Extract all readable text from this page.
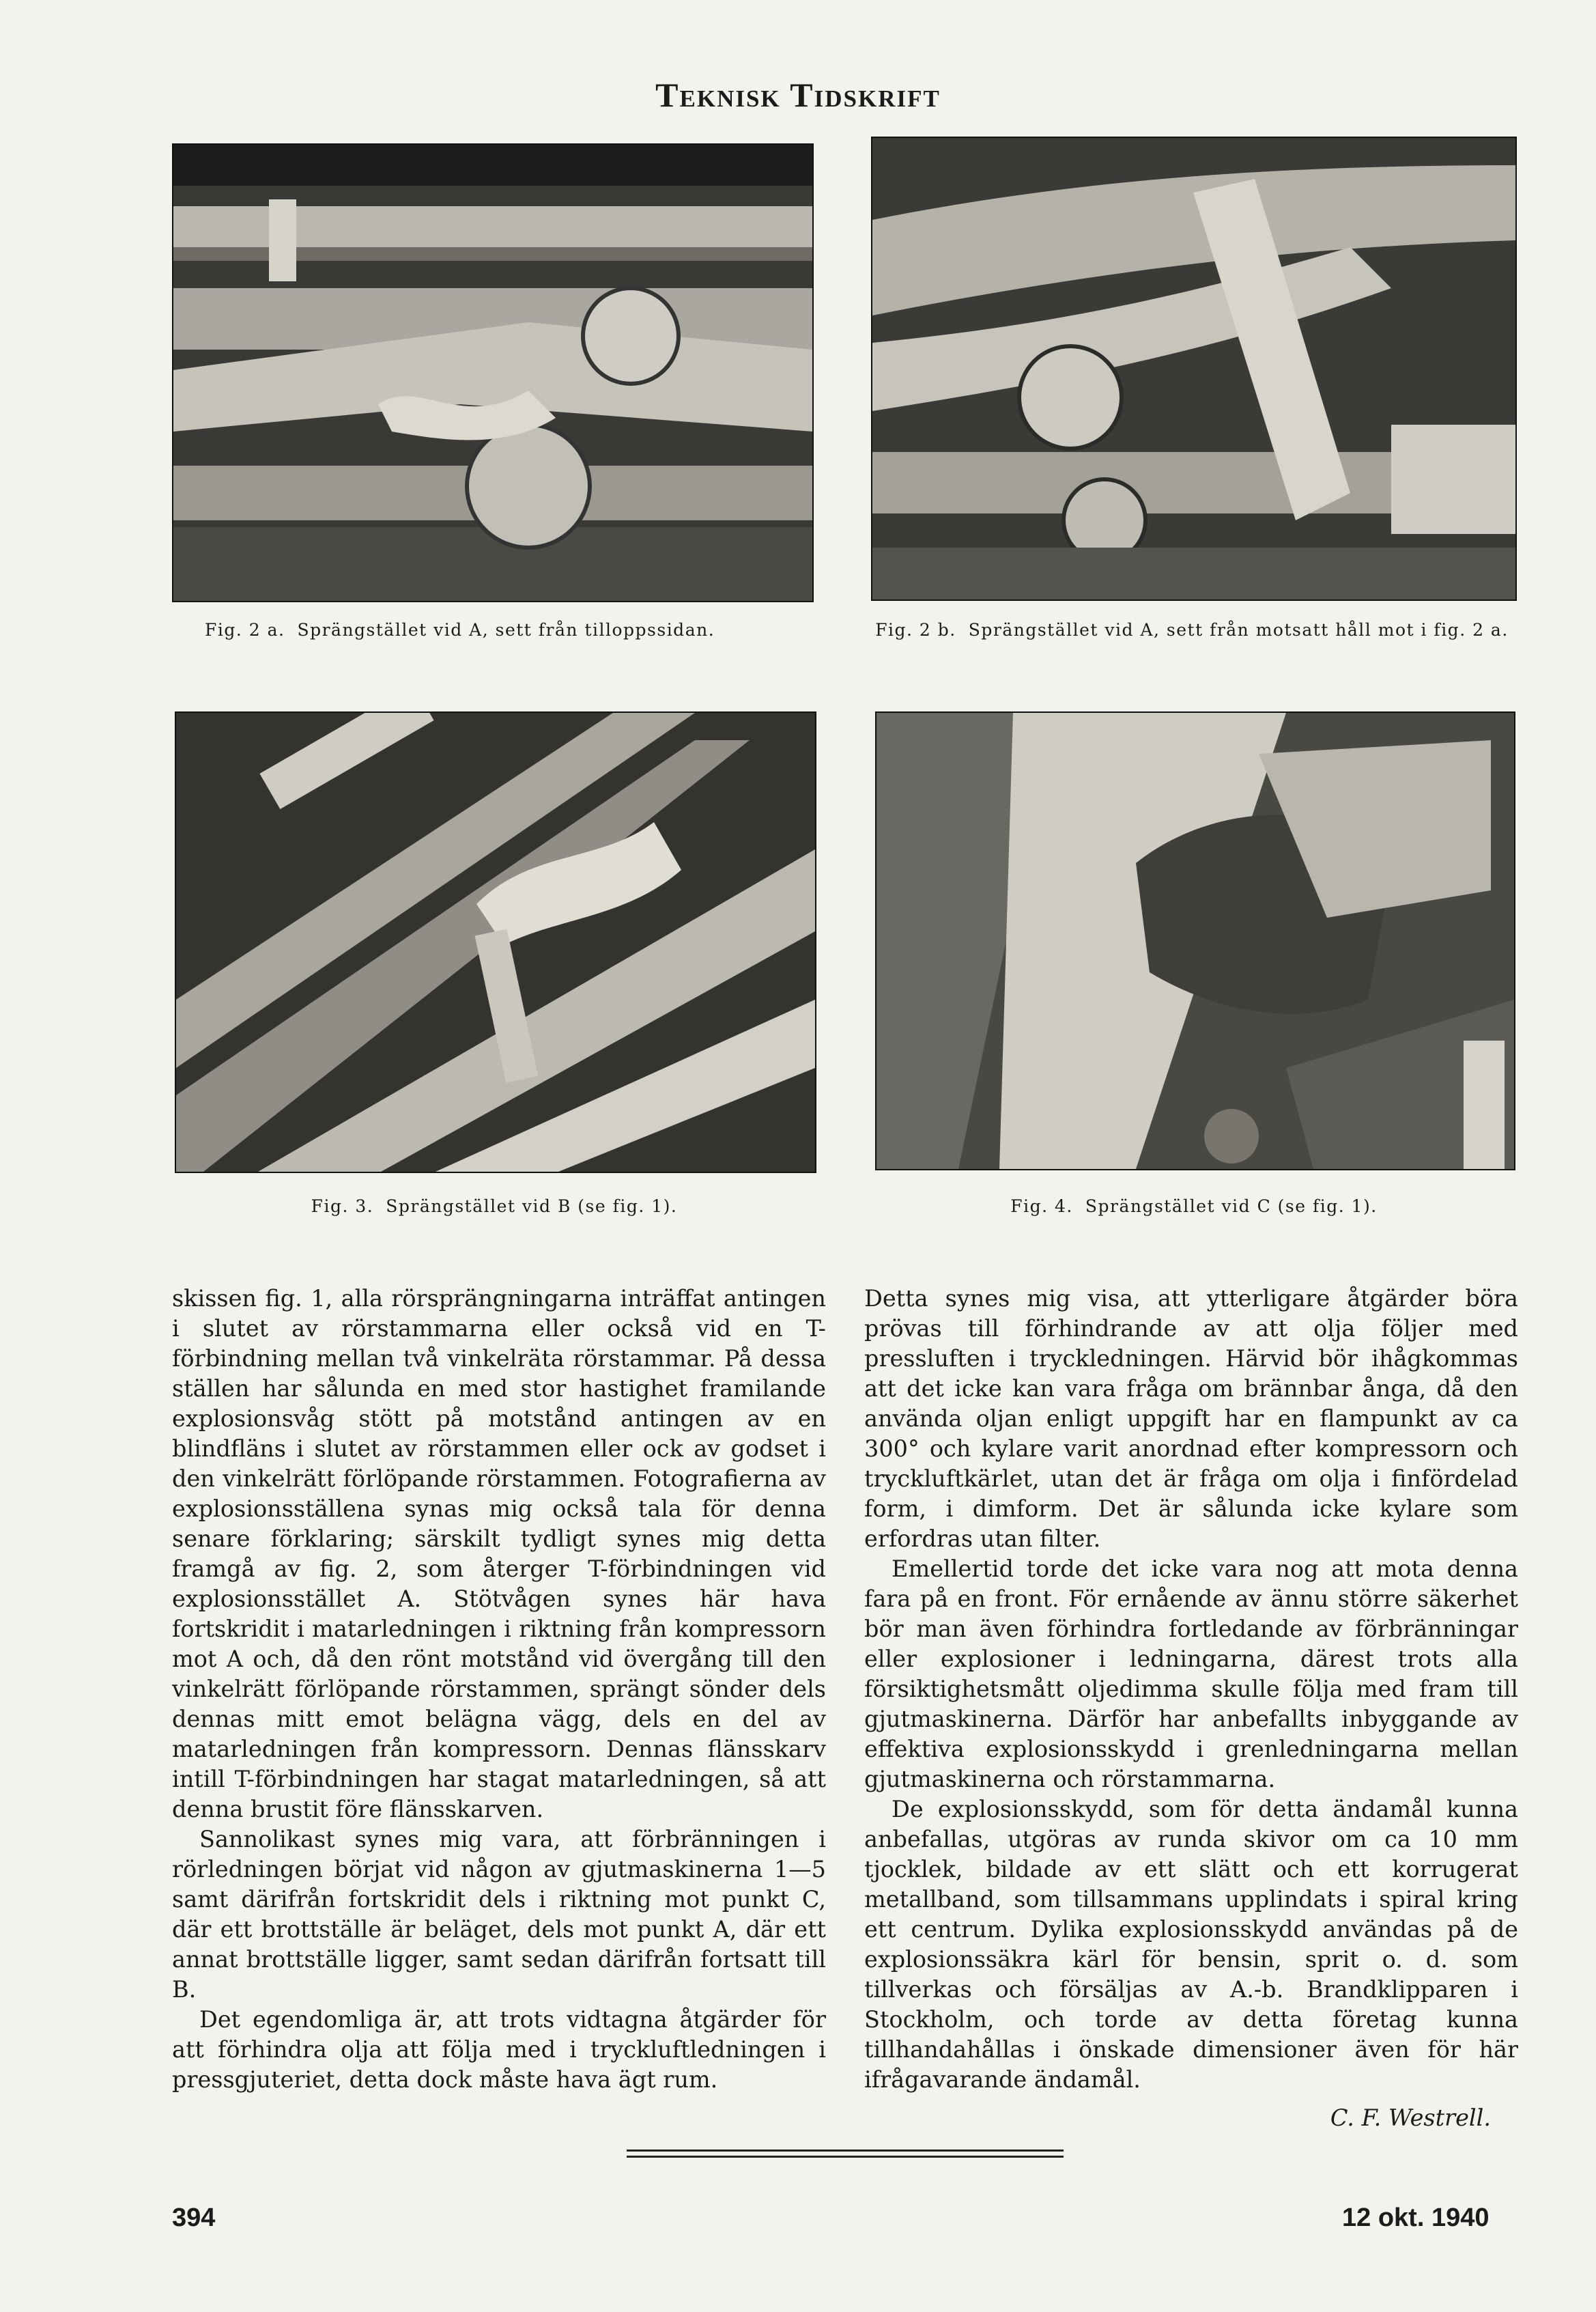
Teknisk Tidskrift
Fig. 2 a. Sprängstället vid A, sett från tilloppssidan.	Fig. 2 b. Sprängstället vid A, sett från motsatt håll mot i fig. 2 a.
Fig. 3. Sprängstället vid B (se fig. 1).	Fig. 4. Sprängstället vid C (se fig. 1).

skissen fig. 1, alla rörsprängningarna inträffat antingen i slutet av rörstammarna eller också vid en T-förbindning mellan två vinkelräta rörstammar. På dessa ställen har sålunda en med stor hastighet framilande explosionsvåg stött på motstånd antingen av en blindfläns i slutet av rörstammen eller ock av godset i den vinkelrätt förlöpande rörstammen. Fotografierna av explosionsställena synas mig också tala för denna senare förklaring; särskilt tydligt synes mig detta framgå av fig. 2, som återger T-förbindningen vid explosionsstället A. Stötvågen synes här hava fortskridit i matarledningen i riktning från kompressorn mot A och, då den rönt motstånd vid övergång till den vinkelrätt förlöpande rörstammen, sprängt sönder dels dennas mitt emot belägna vägg, dels en del av matarledningen från kompressorn. Dennas flänsskarv intill T-förbindningen har stagat matarledningen, så att denna brustit före flänsskarven.

Sannolikast synes mig vara, att förbränningen i rörledningen börjat vid någon av gjutmaskinerna 1—5 samt därifrån fortskridit dels i riktning mot punkt C, där ett brottställe är beläget, dels mot punkt A, där ett annat brottställe ligger, samt sedan därifrån fortsatt till B.

Det egendomliga är, att trots vidtagna åtgärder för att förhindra olja att följa med i tryckluftledningen i pressgjuteriet, detta dock måste hava ägt rum.

Detta synes mig visa, att ytterligare åtgärder böra prövas till förhindrande av att olja följer med pressluften i tryckledningen. Härvid bör ihågkommas att det icke kan vara fråga om brännbar ånga, då den använda oljan enligt uppgift har en flampunkt av ca 300° och kylare varit anordnad efter kompressorn och tryckluftkärlet, utan det är fråga om olja i finfördelad form, i dimform. Det är sålunda icke kylare som erfordras utan filter.

Emellertid torde det icke vara nog att mota denna fara på en front. För ernående av ännu större säkerhet bör man även förhindra fortledande av förbränningar eller explosioner i ledningarna, därest trots alla försiktighetsmått oljedimma skulle följa med fram till gjutmaskinerna. Därför har anbefallts inbyggande av effektiva explosionsskydd i grenledningarna mellan gjutmaskinerna och rörstammarna.

De explosionsskydd, som för detta ändamål kunna anbefallas, utgöras av runda skivor om ca 10 mm tjocklek, bildade av ett slätt och ett korrugerat metallband, som tillsammans upplindats i spiral kring ett centrum. Dylika explosionsskydd användas på de explosionssäkra kärl för bensin, sprit o. d. som tillverkas och försäljas av A.-b. Brandklipparen i Stockholm, och torde av detta företag kunna tillhandahållas i önskade dimensioner även för här ifrågavarande ändamål.

C. F. Westrell.
394	12 okt. 1940
